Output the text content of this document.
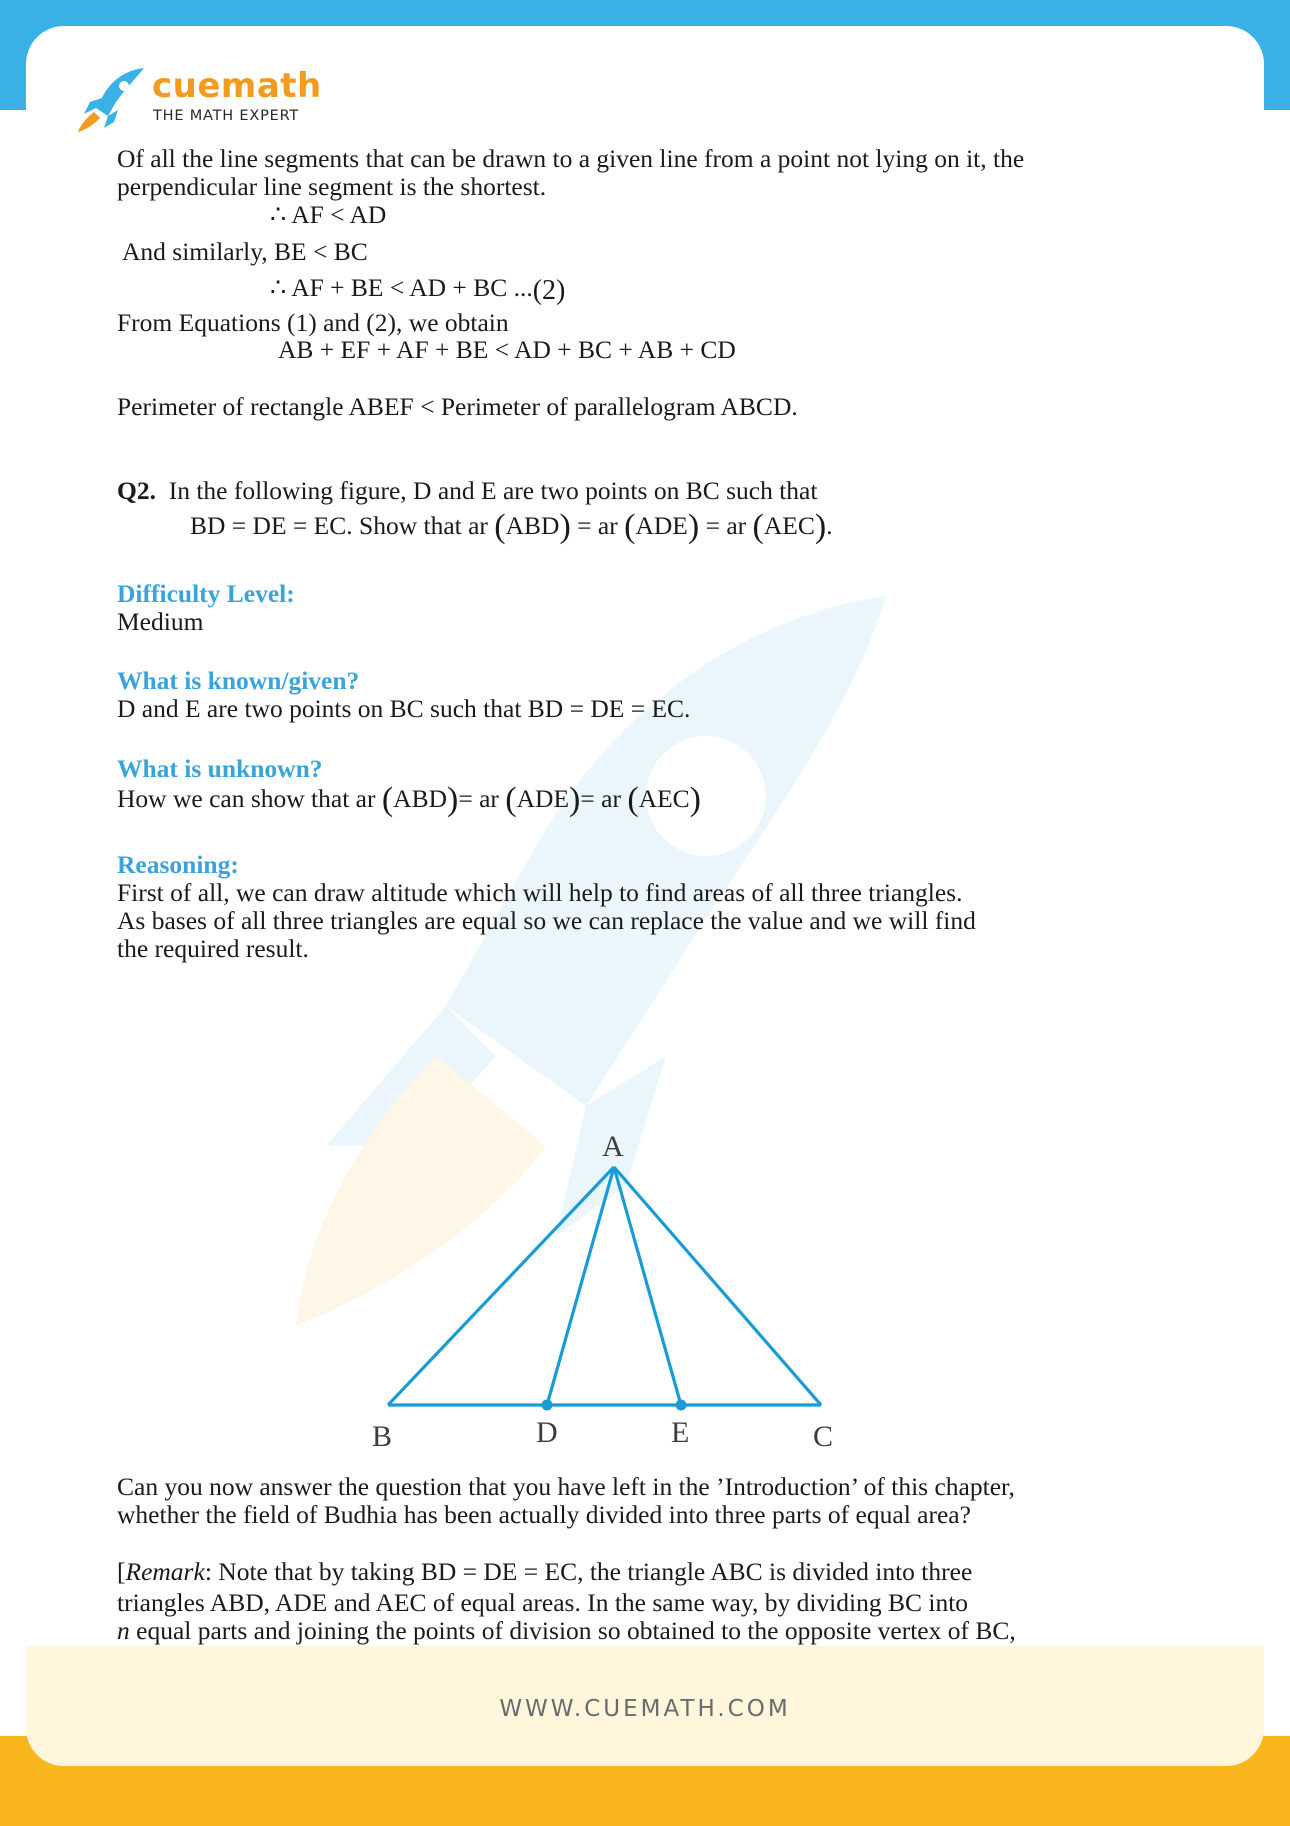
cuemath
THE MATH EXPERT
Of all the line segments that can be drawn to a given line from a point not lying on it, the
perpendicular line segment is the shortest.
∴ AF < AD
And similarly, BE < BC
∴ AF + BE < AD + BC ...(2)
From Equations (1) and (2), we obtain
AB + EF + AF + BE < AD + BC + AB + CD
Perimeter of rectangle ABEF < Perimeter of parallelogram ABCD.
Q2. In the following figure, D and E are two points on BC such that
BD = DE = EC. Show that ar (ABD) = ar (ADE) = ar (AEC).
Difficulty Level:
Medium
What is known/given?
D and E are two points on BC such that BD = DE = EC.
What is unknown?
How we can show that ar (ABD)= ar (ADE)= ar (AEC)
Reasoning:
First of all, we can draw altitude which will help to find areas of all three triangles.
As bases of all three triangles are equal so we can replace the value and we will find
the required result.
A
B	D	E	C
Can you now answer the question that you have left in the ’Introduction’ of this chapter,
whether the field of Budhia has been actually divided into three parts of equal area?
[Remark: Note that by taking BD = DE = EC, the triangle ABC is divided into three
triangles ABD, ADE and AEC of equal areas. In the same way, by dividing BC into
n equal parts and joining the points of division so obtained to the opposite vertex of BC,
WWW.CUEMATH.COM
